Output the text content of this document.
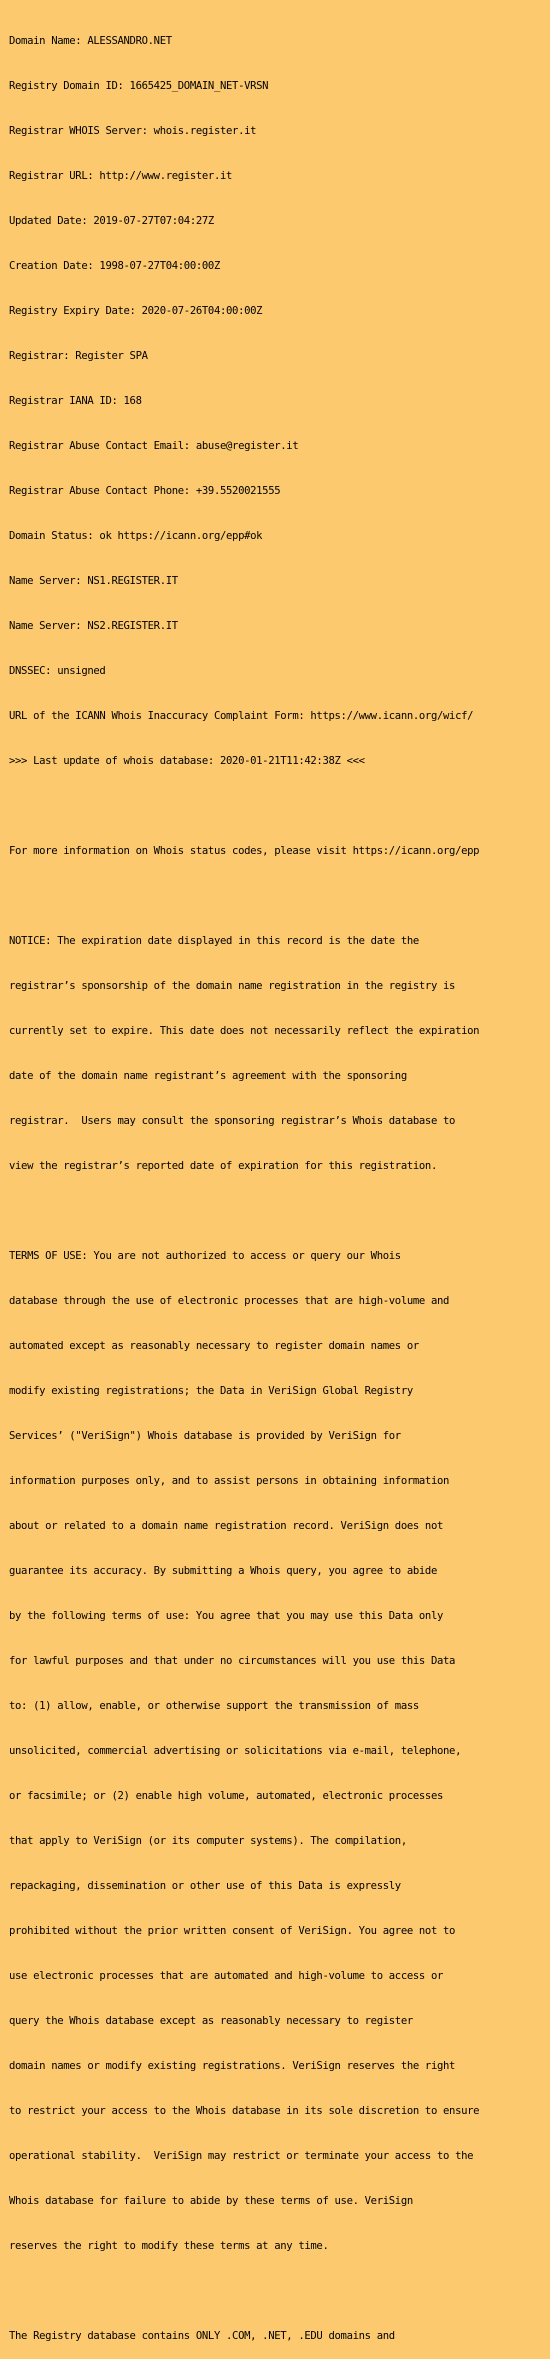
Domain Name: ALESSANDRO.NET

Registry Domain ID: 1665425_DOMAIN_NET-VRSN

Registrar WHOIS Server: whois.register.it

Registrar URL: http://www.register.it

Updated Date: 2019-07-27T07:04:27Z

Creation Date: 1998-07-27T04:00:00Z

Registry Expiry Date: 2020-07-26T04:00:00Z

Registrar: Register SPA

Registrar IANA ID: 168

Registrar Abuse Contact Email: abuse@register.it

Registrar Abuse Contact Phone: +39.5520021555

Domain Status: ok https://icann.org/epp#ok

Name Server: NS1.REGISTER.IT

Name Server: NS2.REGISTER.IT

DNSSEC: unsigned

URL of the ICANN Whois Inaccuracy Complaint Form: https://www.icann.org/wicf/

>>> Last update of whois database: 2020-01-21T11:42:38Z <<<

For more information on Whois status codes, please visit https://icann.org/epp

NOTICE: The expiration date displayed in this record is the date the

registrar’s sponsorship of the domain name registration in the registry is

currently set to expire. This date does not necessarily reflect the expiration

date of the domain name registrant’s agreement with the sponsoring

registrar.  Users may consult the sponsoring registrar’s Whois database to

view the registrar’s reported date of expiration for this registration.

TERMS OF USE: You are not authorized to access or query our Whois

database through the use of electronic processes that are high-volume and

automated except as reasonably necessary to register domain names or

modify existing registrations; the Data in VeriSign Global Registry

Services’ ("VeriSign") Whois database is provided by VeriSign for

information purposes only, and to assist persons in obtaining information

about or related to a domain name registration record. VeriSign does not

guarantee its accuracy. By submitting a Whois query, you agree to abide

by the following terms of use: You agree that you may use this Data only

for lawful purposes and that under no circumstances will you use this Data

to: (1) allow, enable, or otherwise support the transmission of mass

unsolicited, commercial advertising or solicitations via e-mail, telephone,

or facsimile; or (2) enable high volume, automated, electronic processes

that apply to VeriSign (or its computer systems). The compilation,

repackaging, dissemination or other use of this Data is expressly

prohibited without the prior written consent of VeriSign. You agree not to

use electronic processes that are automated and high-volume to access or

query the Whois database except as reasonably necessary to register

domain names or modify existing registrations. VeriSign reserves the right

to restrict your access to the Whois database in its sole discretion to ensure

operational stability.  VeriSign may restrict or terminate your access to the

Whois database for failure to abide by these terms of use. VeriSign

reserves the right to modify these terms at any time.

The Registry database contains ONLY .COM, .NET, .EDU domains and
